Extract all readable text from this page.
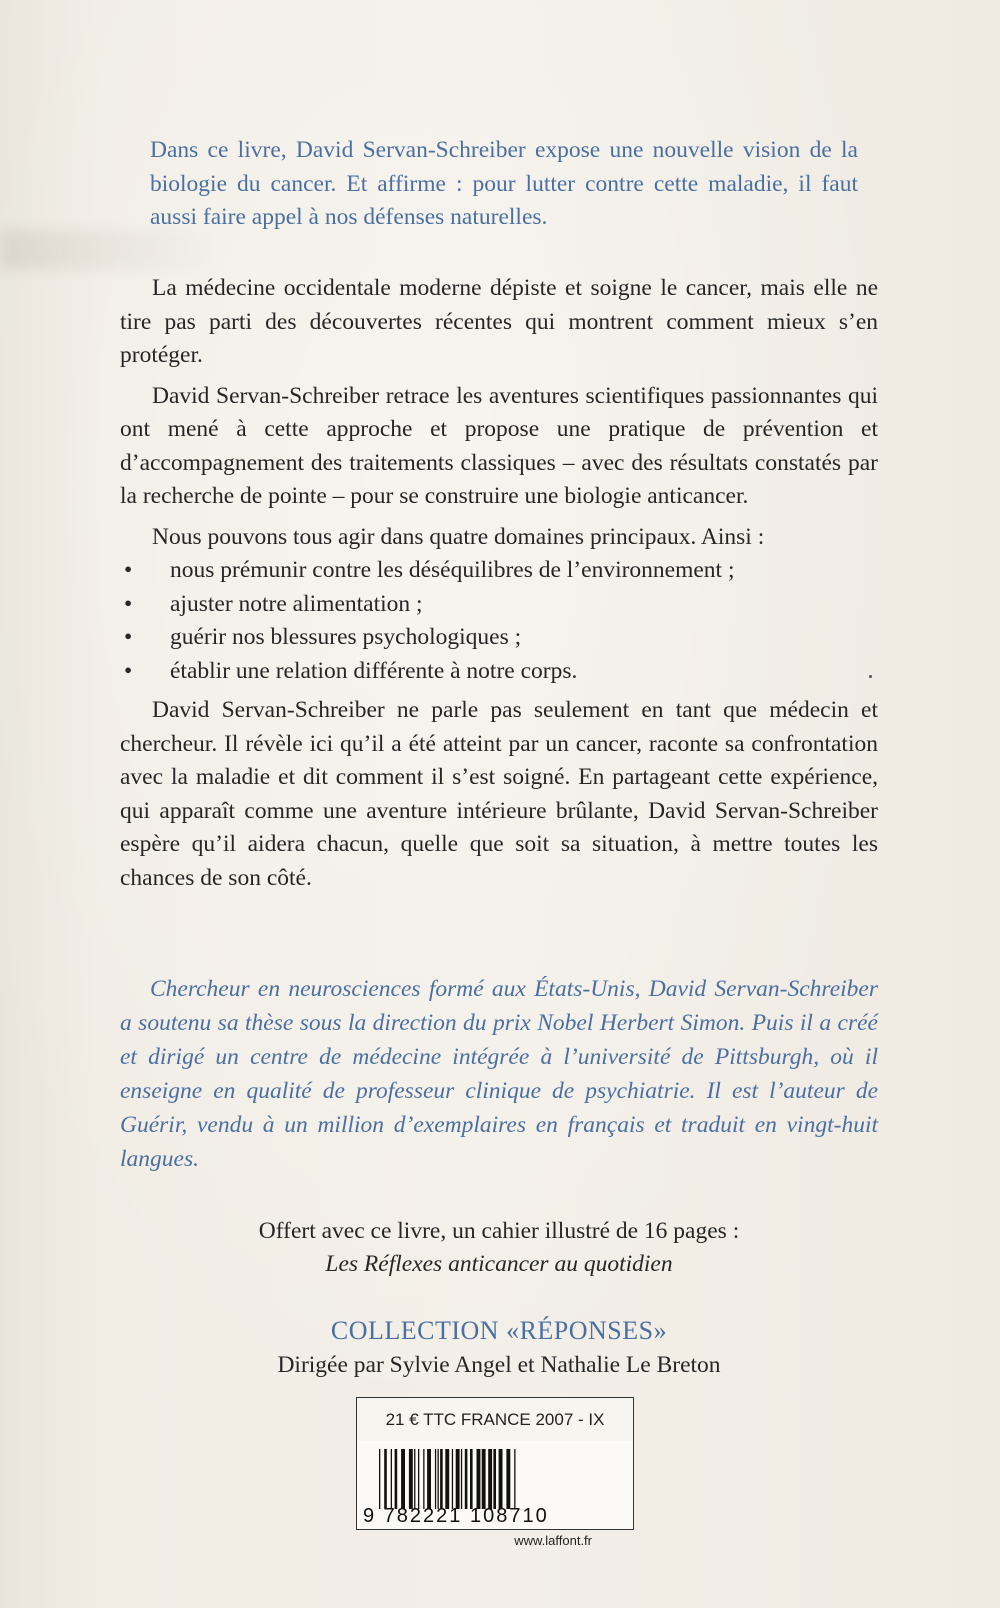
Dans ce livre, David Servan-Schreiber expose une nouvelle vision de la biologie du cancer. Et affirme : pour lutter contre cette maladie, il faut aussi faire appel à nos défenses naturelles.

La médecine occidentale moderne dépiste et soigne le cancer, mais elle ne tire pas parti des découvertes récentes qui montrent comment mieux s’en protéger.

David Servan-Schreiber retrace les aventures scientifiques passionnantes qui ont mené à cette approche et propose une pratique de prévention et d’accompagnement des traitements classiques – avec des résultats constatés par la recherche de pointe – pour se construire une biologie anticancer.

Nous pouvons tous agir dans quatre domaines principaux. Ainsi :

• nous prémunir contre les déséquilibres de l’environnement ;
• ajuster notre alimentation ;
• guérir nos blessures psychologiques ;
• établir une relation différente à notre corps.

David Servan-Schreiber ne parle pas seulement en tant que médecin et chercheur. Il révèle ici qu’il a été atteint par un cancer, raconte sa confrontation avec la maladie et dit comment il s’est soigné. En partageant cette expérience, qui apparaît comme une aventure intérieure brûlante, David Servan-Schreiber espère qu’il aidera chacun, quelle que soit sa situation, à mettre toutes les chances de son côté.

Chercheur en neurosciences formé aux États-Unis, David Servan-Schreiber a soutenu sa thèse sous la direction du prix Nobel Herbert Simon. Puis il a créé et dirigé un centre de médecine intégrée à l’université de Pittsburgh, où il enseigne en qualité de professeur clinique de psychiatrie. Il est l’auteur de Guérir, vendu à un million d’exemplaires en français et traduit en vingt-huit langues.

Offert avec ce livre, un cahier illustré de 16 pages :
Les Réflexes anticancer au quotidien
COLLECTION «RÉPONSES»
Dirigée par Sylvie Angel et Nathalie Le Breton
21 € TTC FRANCE 2007 - IX
9 782221 108710
www.laffont.fr
